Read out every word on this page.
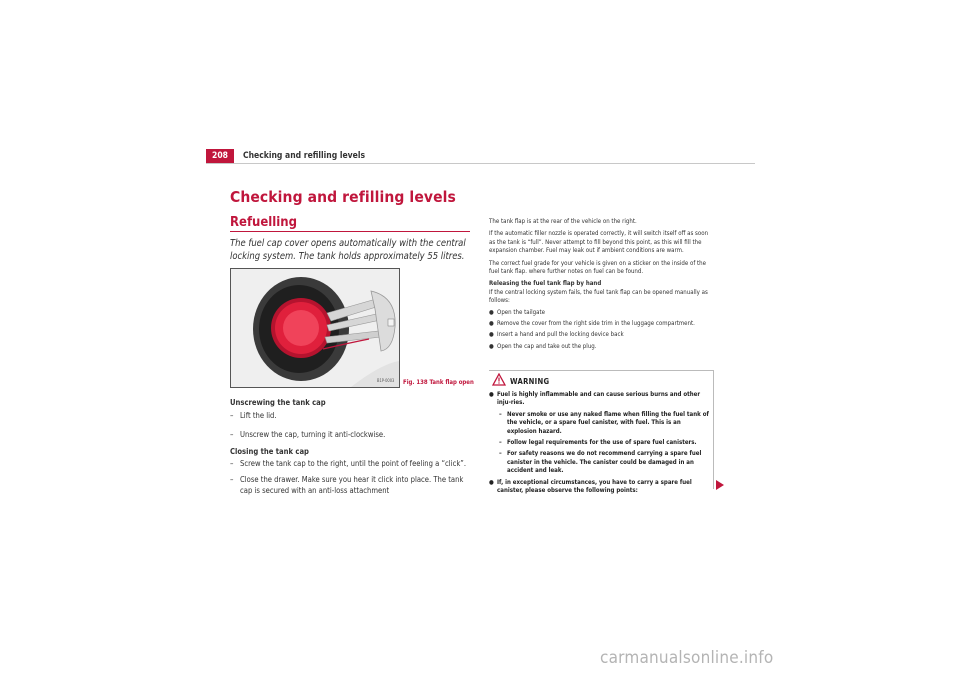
208	Checking and refilling levels
Checking and refilling levels
Refuelling
The fuel cap cover opens automatically with the central locking system. The tank holds approximately 55 litres.
B1P-0003 Fig. 138 Tank flap open
Unscrewing the tank cap
– Lift the lid.
– Unscrew the cap, turning it anti-clockwise.
Closing the tank cap
– Screw the tank cap to the right, until the point of feeling a “click”.
– Close the drawer. Make sure you hear it click into place. The tank cap is secured with an anti-loss attachment
The tank flap is at the rear of the vehicle on the right.
If the automatic filler nozzle is operated correctly, it will switch itself off as soon as the tank is “full”. Never attempt to fill beyond this point, as this will fill the expansion chamber. Fuel may leak out if ambient conditions are warm.
The correct fuel grade for your vehicle is given on a sticker on the inside of the fuel tank flap. where further notes on fuel can be found.
Releasing the fuel tank flap by hand
If the central locking system fails, the fuel tank flap can be opened manually as follows:
● Open the tailgate
● Remove the cover from the right side trim in the luggage compartment.
● Insert a hand and pull the locking device back
● Open the cap and take out the plug.
WARNING
● Fuel is highly inflammable and can cause serious burns and other inju-ries.
– Never smoke or use any naked flame when filling the fuel tank of the vehicle, or a spare fuel canister, with fuel. This is an explosion hazard.
– Follow legal requirements for the use of spare fuel canisters.
– For safety reasons we do not recommend carrying a spare fuel canister in the vehicle. The canister could be damaged in an accident and leak.
● If, in exceptional circumstances, you have to carry a spare fuel canister, please observe the following points:
carmanualsonline.info
